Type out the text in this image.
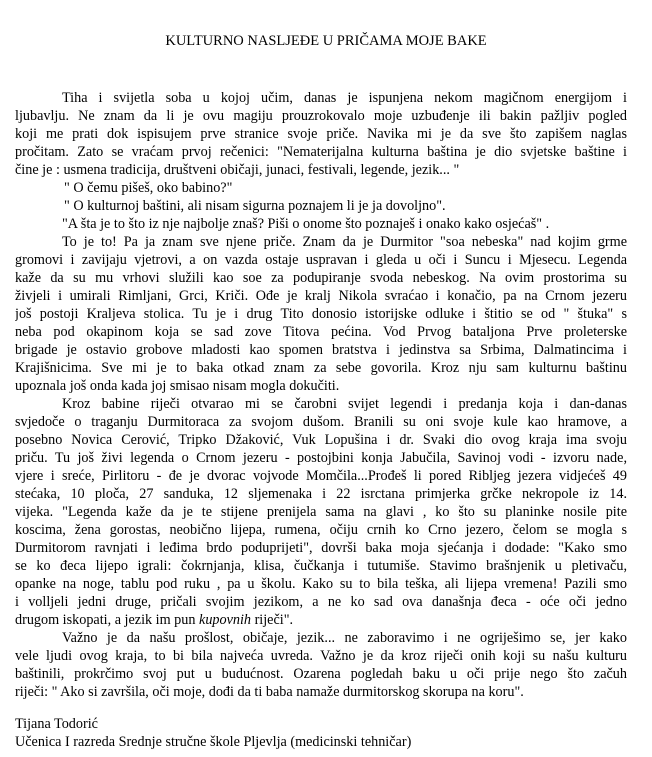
KULTURNO NASLJEĐE U PRIČAMA MOJE BAKE
Tiha i svijetla soba u kojoj učim, danas je ispunjena nekom magičnom energijom i
ljubavlju. Ne znam da li je ovu magiju prouzrokovalo moje uzbuđenje ili bakin pažljiv pogled
koji me prati dok ispisujem prve stranice svoje priče. Navika mi je da sve što zapišem naglas
pročitam. Zato se vraćam prvoj rečenici: "Nematerijalna kulturna baština je dio svjetske baštine i
čine je : usmena tradicija, društveni običaji, junaci, festivali, legende, jezik... "
" O čemu pišeš, oko babino?"
" O kulturnoj baštini, ali nisam sigurna poznajem li je ja dovoljno".
"A šta je to što iz nje najbolje znaš? Piši o onome što poznaješ i onako kako osjećaš" .
To je to! Pa ja znam sve njene priče. Znam da je Durmitor "soa nebeska" nad kojim grme
gromovi i zavijaju vjetrovi, a on vazda ostaje uspravan i gleda u oči i Suncu i Mjesecu. Legenda
kaže da su mu vrhovi služili kao soe za podupiranje svoda nebeskog. Na ovim prostorima su
živjeli i umirali Rimljani, Grci, Kriči. Ođe je kralj Nikola svraćao i konačio, pa na Crnom jezeru
još postoji Kraljeva stolica. Tu je i drug Tito donosio istorijske odluke i štitio se od " štuka" s
neba pod okapinom koja se sad zove Titova pećina. Vod Prvog bataljona Prve proleterske
brigade je ostavio grobove mladosti kao spomen bratstva i jedinstva sa Srbima, Dalmatincima i
Krajišnicima. Sve mi je to baka otkad znam za sebe govorila. Kroz nju sam kulturnu baštinu
upoznala još onda kada joj smisao nisam mogla dokučiti.
Kroz babine riječi otvarao mi se čarobni svijet legendi i predanja koja i dan-danas
svjedoče o traganju Durmitoraca za svojom dušom. Branili su oni svoje kule kao hramove, a
posebno Novica Cerović, Tripko Džaković, Vuk Lopušina i dr. Svaki dio ovog kraja ima svoju
priču. Tu još živi legenda o Crnom jezeru - postojbini konja Jabučila, Savinoj vodi - izvoru nade,
vjere i sreće, Pirlitoru - đe je dvorac vojvode Momčila...Prođeš li pored Ribljeg jezera vidjećeš 49
stećaka, 10 ploča, 27 sanduka, 12 sljemenaka i 22 isrctana primjerka grčke nekropole iz 14.
vijeka. "Legenda kaže da je te stijene prenijela sama na glavi , ko što su planinke nosile pite
koscima, žena gorostas, neobično lijepa, rumena, očiju crnih ko Crno jezero, čelom se mogla s
Durmitorom ravnjati i leđima brdo poduprijeti", dovrši baka moja sjećanja i dodade: "Kako smo
se ko đeca lijepo igrali: čokrnjanja, klisa, čučkanja i tutumiše. Stavimo brašnjenik u pletivaču,
opanke na noge, tablu pod ruku , pa u školu. Kako su to bila teška, ali lijepa vremena! Pazili smo
i volljeli jedni druge, pričali svojim jezikom, a ne ko sad ova današnja đeca - oće oči jedno
drugom iskopati, a jezik im pun kupovnih riječi".
Važno je da našu prošlost, običaje, jezik... ne zaboravimo i ne ogriješimo se, jer kako
vele ljudi ovog kraja, to bi bila najveća uvreda. Važno je da kroz riječi onih koji su našu kulturu
baštinili, prokrčimo svoj put u budućnost. Ozarena pogledah baku u oči prije nego što začuh
riječi: " Ako si završila, oči moje, dođi da ti baba namaže durmitorskog skorupa na koru".
Tijana Todorić
Učenica I razreda Srednje stručne škole Pljevlja (medicinski tehničar)
